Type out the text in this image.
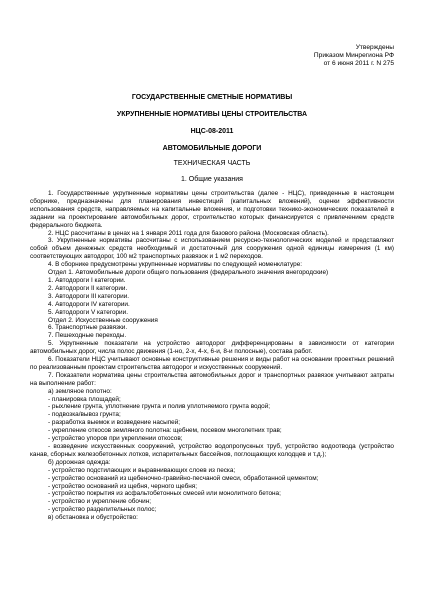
Утверждены
Приказом Минрегиона РФ
от 6 июня 2011 г. N 275

ГОСУДАРСТВЕННЫЕ СМЕТНЫЕ НОРМАТИВЫ

УКРУПНЕННЫЕ НОРМАТИВЫ ЦЕНЫ СТРОИТЕЛЬСТВА

НЦС-08-2011

АВТОМОБИЛЬНЫЕ ДОРОГИ

ТЕХНИЧЕСКАЯ ЧАСТЬ

1. Общие указания

1. Государственные укрупненные нормативы цены строительства (далее - НЦС), приведенные в настоящем сборнике, предназначены для планирования инвестиций (капитальных вложений), оценки эффективности использования средств, направляемых на капитальные вложения, и подготовки технико-экономических показателей в задании на проектирование автомобильных дорог, строительство которых финансируется с привлечением средств федерального бюджета.

2. НЦС рассчитаны в ценах на 1 января 2011 года для базового района (Московская область).

3. Укрупненные нормативы рассчитаны с использованием ресурсно-технологических моделей и представляют собой объем денежных средств необходимый и достаточный для сооружения одной единицы измерения (1 км) соответствующих автодорог, 100 м2 транспортных развязок и 1 м2 переходов.

4. В сборнике предусмотрены укрупненные нормативы по следующей номенклатуре:

Отдел 1. Автомобильные дороги общего пользования (федерального значения внегородские)

1. Автодороги I категории.

2. Автодороги II категории.

3. Автодороги III категории.

4. Автодороги IV категории.

5. Автодороги V категории.

Отдел 2. Искусственные сооружения

6. Транспортные развязки.

7. Пешеходные переходы.

5. Укрупненные показатели на устройство автодорог дифференцированы в зависимости от категории автомобильных дорог, числа полос движения (1-но, 2-х, 4-х, 6-и, 8-и полосные), состава работ.

6. Показатели НЦС учитывают основные конструктивные решения и виды работ на основании проектных решений по реализованным проектам строительства автодорог и искусственных сооружений.

7. Показатели норматива цены строительства автомобильных дорог и транспортных развязок учитывают затраты на выполнение работ:

а) земляное полотно:

- планировка площадей;

- рыхление грунта, уплотнение грунта и полив уплотняемого грунта водой;

- подвозка/вывоз грунта;

- разработка выемок и возведение насыпей;

- укрепление откосов земляного полотна: щебнем, посевом многолетних трав;

- устройство упоров при укреплении откосов;

- возведение искусственных сооружений, устройство водопропускных труб, устройство водоотвода (устройство канав, сборных железобетонных лотков, испарительных бассейнов, поглощающих колодцев и т.д.);

б) дорожная одежда:

- устройство подстилающих и выравнивающих слоев из песка;

- устройство оснований из щебеночно-гравийно-песчаной смеси, обработанной цементом;

- устройство оснований из щебня, черного щебня;

- устройство покрытия из асфальтобетонных смесей или монолитного бетона;

- устройство и укрепление обочин;

- устройство разделительных полос;

в) обстановка и обустройство:
